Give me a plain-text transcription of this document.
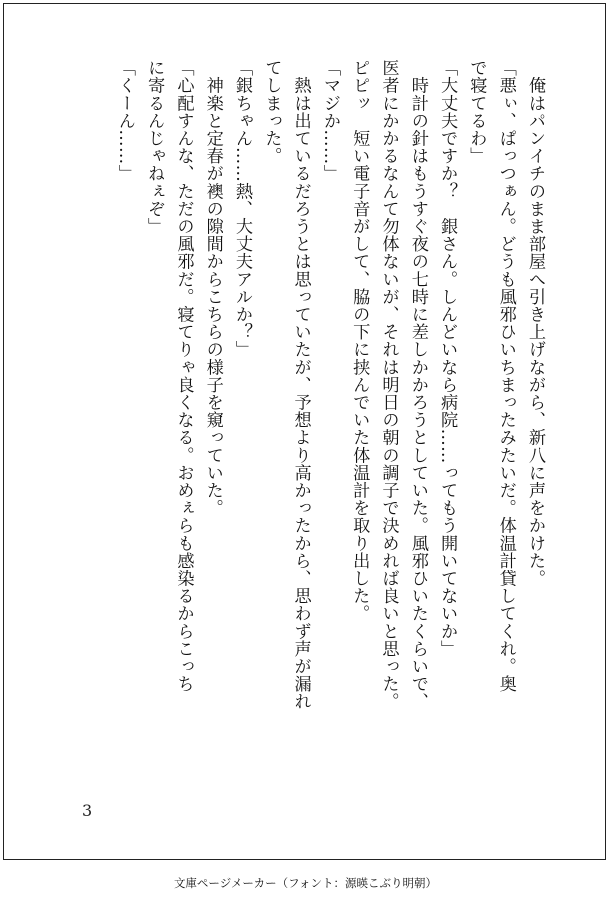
　俺はパンイチのまま部屋へ引き上げながら、新八に声をかけた。
「悪ぃ、ぱっつぁん。どうも風邪ひいちまったみたいだ。体温計貸してくれ。奥
で寝てるわ」
「大丈夫ですか？　銀さん。しんどいなら病院……ってもう開いてないか」
　時計の針はもうすぐ夜の七時に差しかかろうとしていた。風邪ひいたくらいで、
医者にかかるなんて勿体ないが、それは明日の朝の調子で決めれば良いと思った。
ピピッ　短い電子音がして、脇の下に挟んでいた体温計を取り出した。
「マジか……」
　熱は出ているだろうとは思っていたが、予想より高かったから、思わず声が漏れ
てしまった。
「銀ちゃん……熱、大丈夫アルか？」
　神楽と定春が襖の隙間からこちらの様子を窺っていた。
「心配すんな、ただの風邪だ。寝てりゃ良くなる。おめぇらも感染るからこっち
に寄るんじゃねぇぞ」
「くーん……」
3
文庫ページメーカー（フォント：源暎こぶり明朝）
